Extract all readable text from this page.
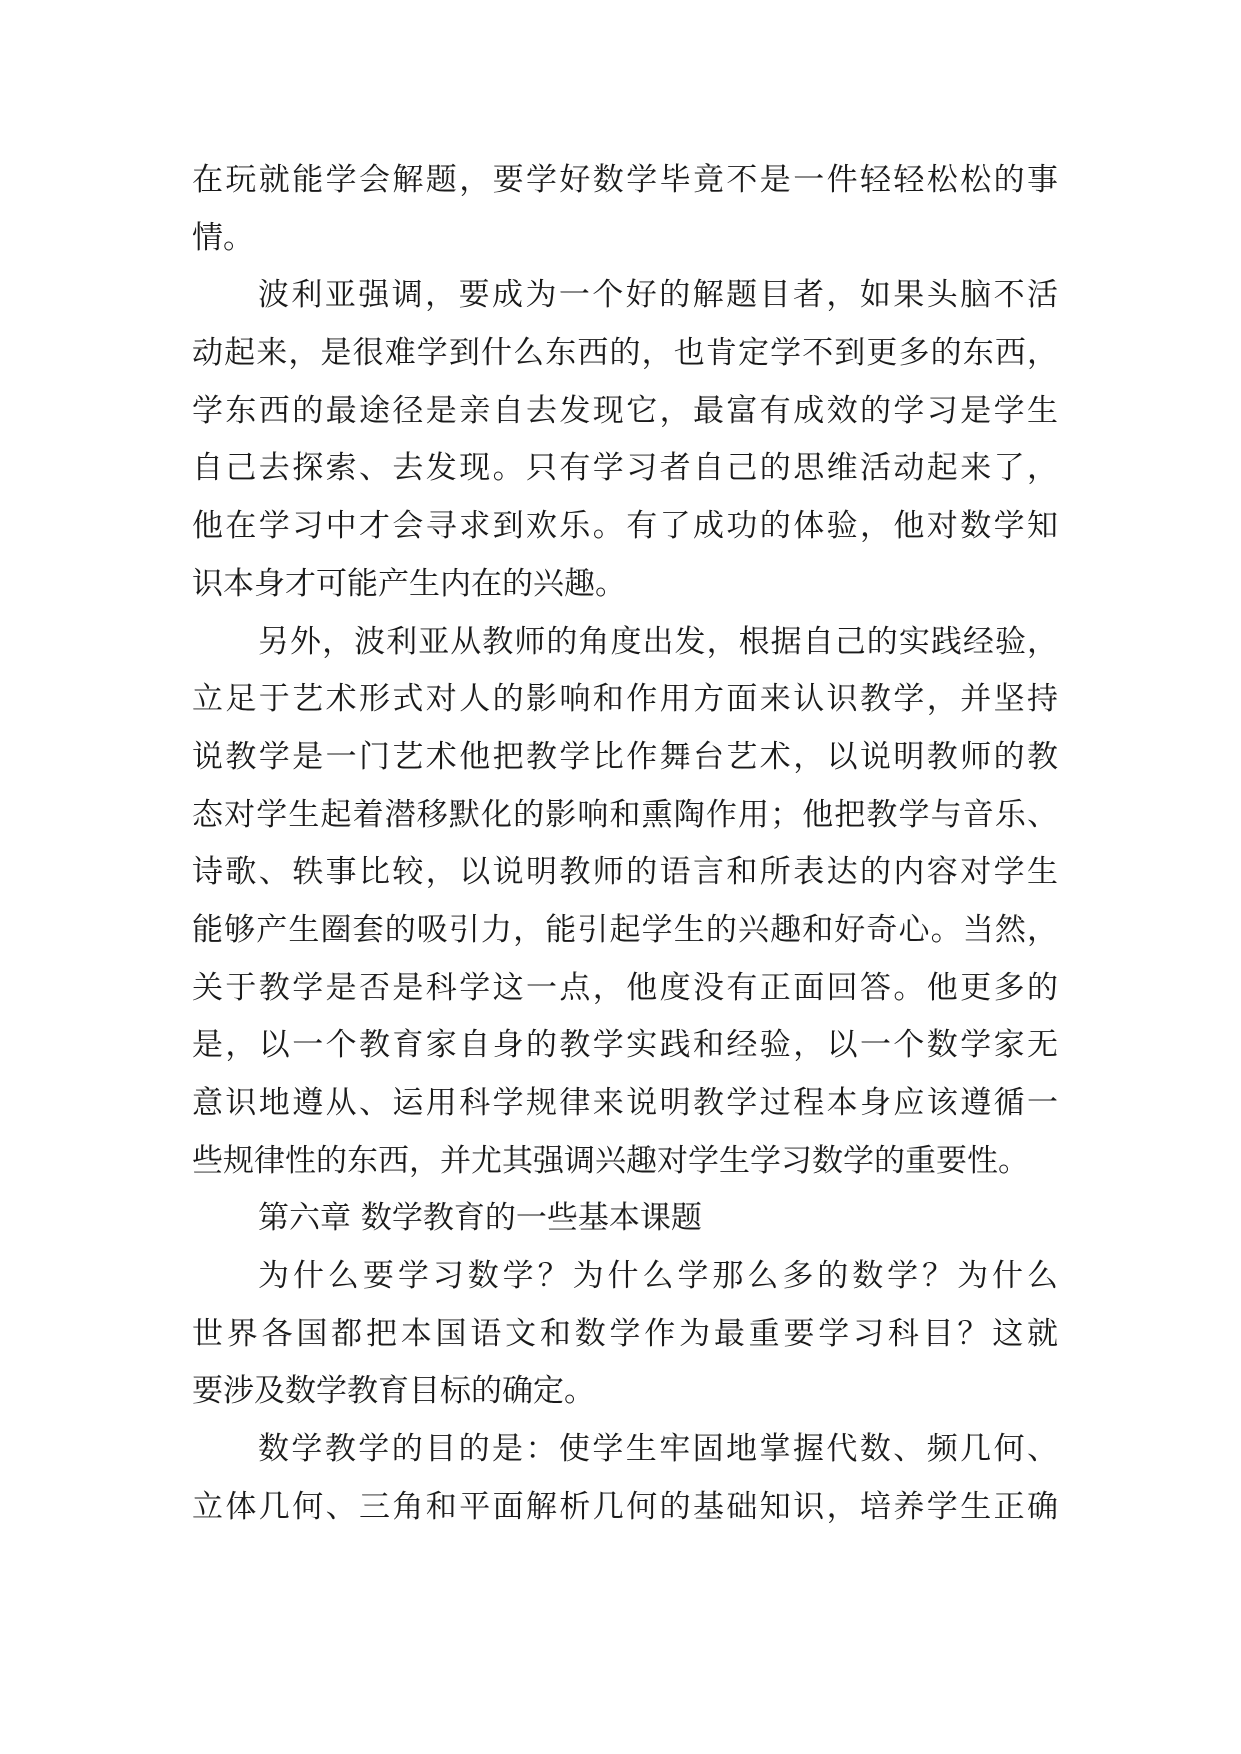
在玩就能学会解题，要学好数学毕竟不是一件轻轻松松的事
情。
波利亚强调，要成为一个好的解题目者，如果头脑不活
动起来，是很难学到什么东西的，也肯定学不到更多的东西，
学东西的最途径是亲自去发现它，最富有成效的学习是学生
自己去探索、去发现。只有学习者自己的思维活动起来了，
他在学习中才会寻求到欢乐。有了成功的体验，他对数学知
识本身才可能产生内在的兴趣。
另外，波利亚从教师的角度出发，根据自己的实践经验，
立足于艺术形式对人的影响和作用方面来认识教学，并坚持
说教学是一门艺术他把教学比作舞台艺术，以说明教师的教
态对学生起着潜移默化的影响和熏陶作用；他把教学与音乐、
诗歌、轶事比较，以说明教师的语言和所表达的内容对学生
能够产生圈套的吸引力，能引起学生的兴趣和好奇心。当然，
关于教学是否是科学这一点，他度没有正面回答。他更多的
是，以一个教育家自身的教学实践和经验，以一个数学家无
意识地遵从、运用科学规律来说明教学过程本身应该遵循一
些规律性的东西，并尤其强调兴趣对学生学习数学的重要性。
第六章 数学教育的一些基本课题
为什么要学习数学？为什么学那么多的数学？为什么
世界各国都把本国语文和数学作为最重要学习科目？这就
要涉及数学教育目标的确定。
数学教学的目的是：使学生牢固地掌握代数、频几何、
立体几何、三角和平面解析几何的基础知识，培养学生正确
